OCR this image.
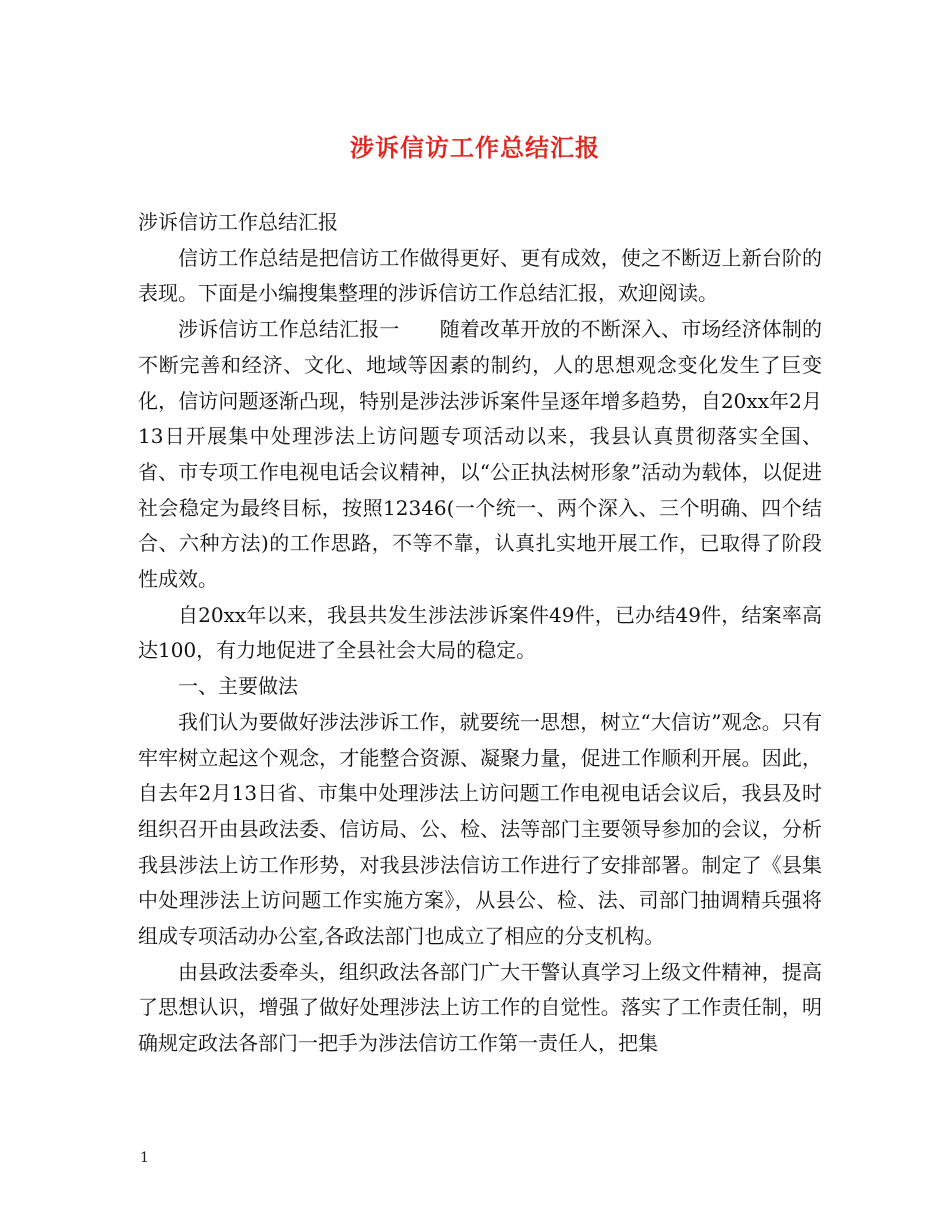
涉诉信访工作总结汇报

涉诉信访工作总结汇报

信访工作总结是把信访工作做得更好、更有成效，使之不断迈上新台阶的表现。下面是小编搜集整理的涉诉信访工作总结汇报，欢迎阅读。

涉诉信访工作总结汇报一　　随着改革开放的不断深入、市场经济体制的不断完善和经济、文化、地域等因素的制约，人的思想观念变化发生了巨变化，信访问题逐渐凸现，特别是涉法涉诉案件呈逐年增多趋势，自20xx年2月13日开展集中处理涉法上访问题专项活动以来，我县认真贯彻落实全国、省、市专项工作电视电话会议精神，以“公正执法树形象”活动为载体，以促进社会稳定为最终目标，按照12346(一个统一、两个深入、三个明确、四个结合、六种方法)的工作思路，不等不靠，认真扎实地开展工作，已取得了阶段性成效。

自20xx年以来，我县共发生涉法涉诉案件49件，已办结49件，结案率高达100，有力地促进了全县社会大局的稳定。

一、主要做法

我们认为要做好涉法涉诉工作，就要统一思想，树立“大信访”观念。只有牢牢树立起这个观念，才能整合资源、凝聚力量，促进工作顺利开展。因此，自去年2月13日省、市集中处理涉法上访问题工作电视电话会议后，我县及时组织召开由县政法委、信访局、公、检、法等部门主要领导参加的会议，分析我县涉法上访工作形势，对我县涉法信访工作进行了安排部署。制定了《县集中处理涉法上访问题工作实施方案》，从县公、检、法、司部门抽调精兵强将组成专项活动办公室,各政法部门也成立了相应的分支机构。

由县政法委牵头，组织政法各部门广大干警认真学习上级文件精神，提高了思想认识，增强了做好处理涉法上访工作的自觉性。落实了工作责任制，明确规定政法各部门一把手为涉法信访工作第一责任人，把集

1
